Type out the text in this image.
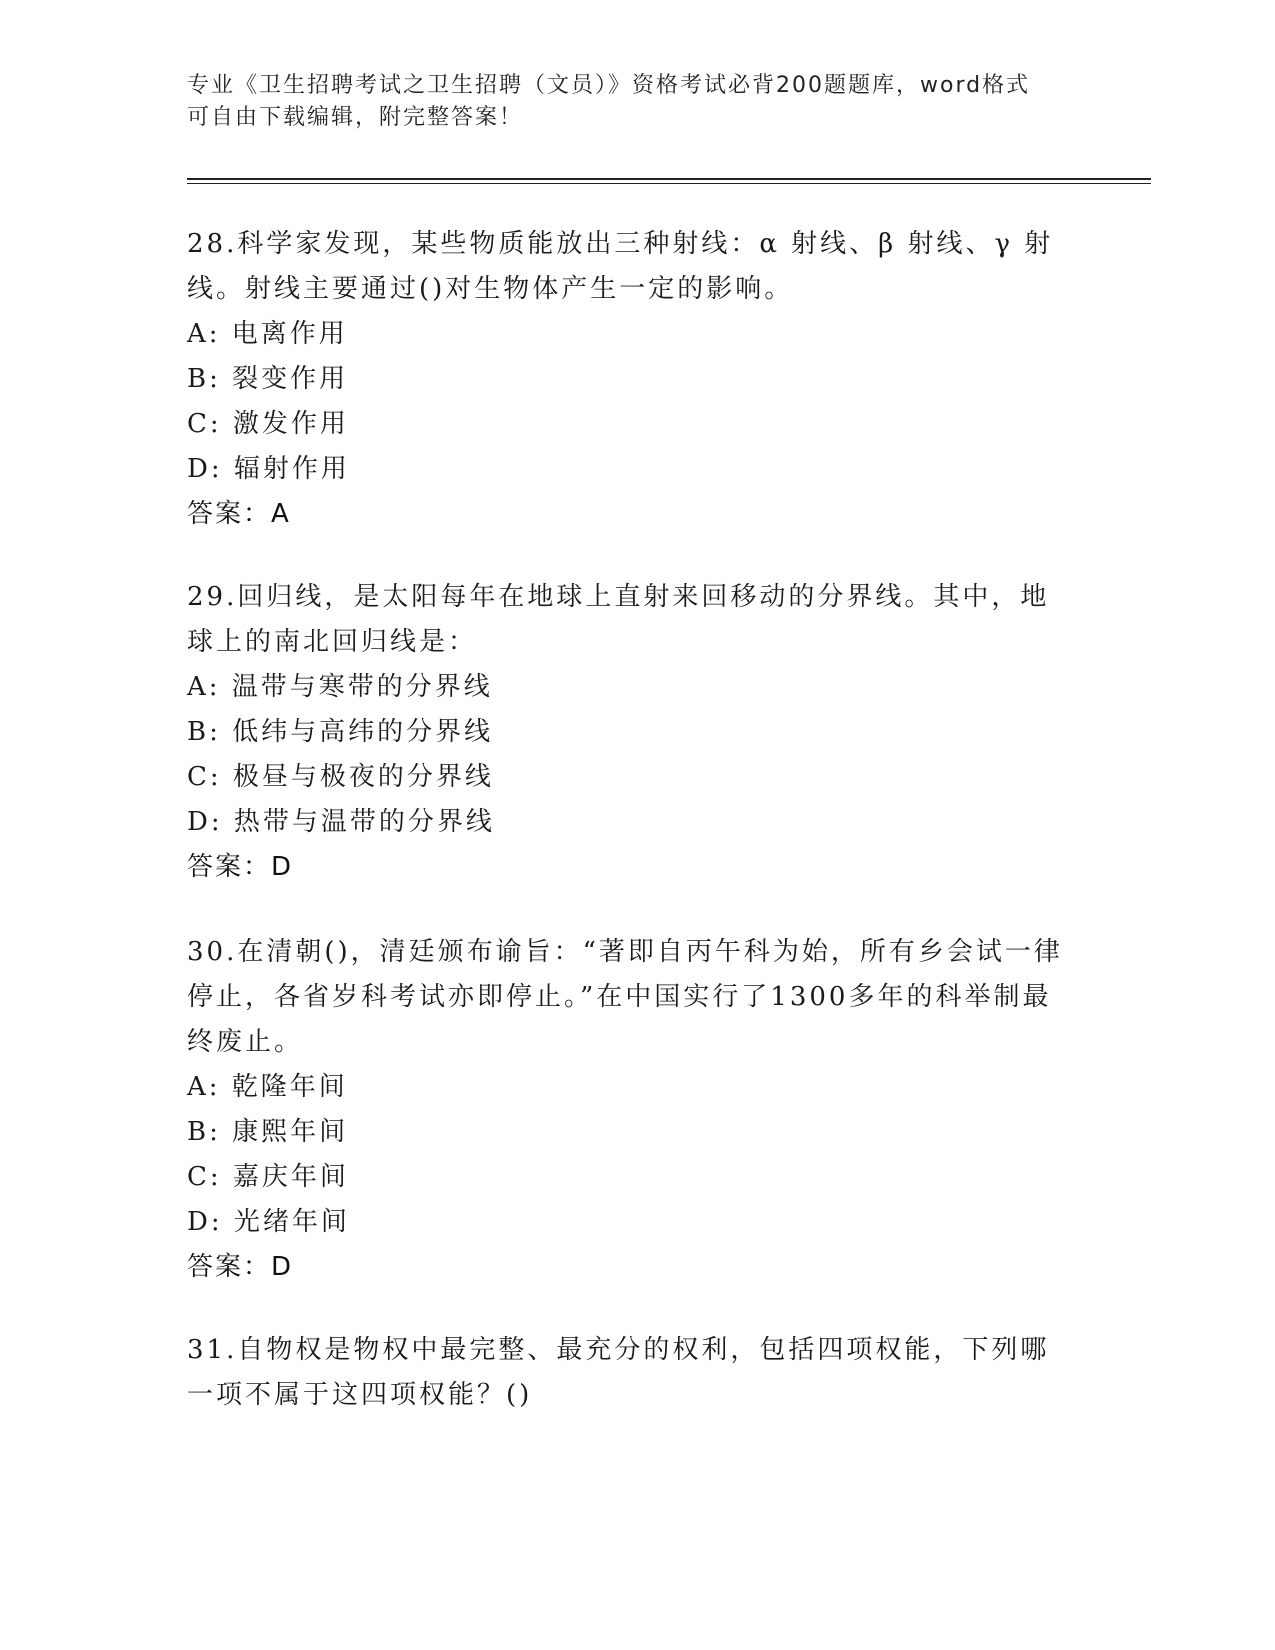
专业《卫生招聘考试之卫生招聘（文员）》资格考试必背200题题库，word格式
可自由下载编辑，附完整答案！

28.科学家发现，某些物质能放出三种射线：α 射线、β 射线、γ 射线。射线主要通过()对生物体产生一定的影响。

A: 电离作用

B: 裂变作用

C: 激发作用

D: 辐射作用

答案：A

29.回归线，是太阳每年在地球上直射来回移动的分界线。其中，地球上的南北回归线是：

A: 温带与寒带的分界线

B: 低纬与高纬的分界线

C: 极昼与极夜的分界线

D: 热带与温带的分界线

答案：D

30.在清朝()，清廷颁布谕旨：“著即自丙午科为始，所有乡会试一律停止，各省岁科考试亦即停止。”在中国实行了1300多年的科举制最终废止。

A: 乾隆年间

B: 康熙年间

C: 嘉庆年间

D: 光绪年间

答案：D

31.自物权是物权中最完整、最充分的权利，包括四项权能，下列哪一项不属于这四项权能？()
